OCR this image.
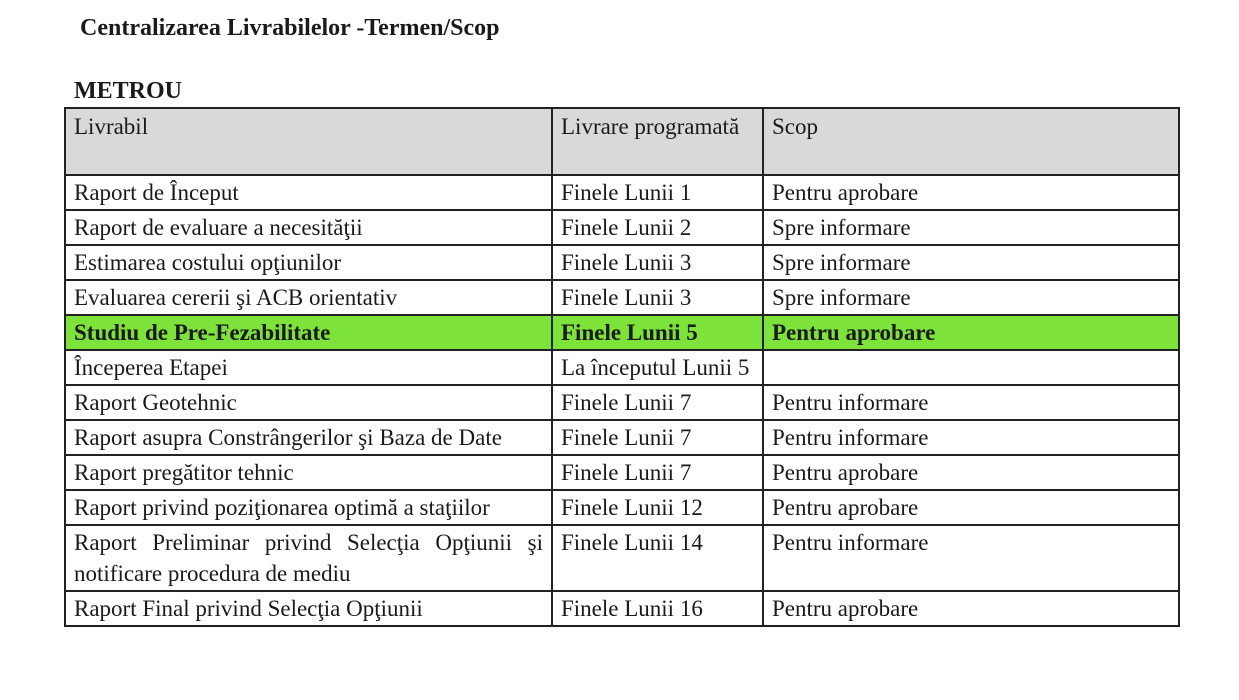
Centralizarea Livrabilelor -Termen/Scop
METROU
Livrabil	Livrare programată	Scop
Raport de Început	Finele Lunii 1	Pentru aprobare
Raport de evaluare a necesităţii	Finele Lunii 2	Spre informare
Estimarea costului opţiunilor	Finele Lunii 3	Spre informare
Evaluarea cererii şi ACB orientativ	Finele Lunii 3	Spre informare
Studiu de Pre-Fezabilitate	Finele Lunii 5	Pentru aprobare
Începerea Etapei	La începutul Lunii 5	
Raport Geotehnic	Finele Lunii 7	Pentru informare
Raport asupra Constrângerilor şi Baza de Date	Finele Lunii 7	Pentru informare
Raport pregătitor tehnic	Finele Lunii 7	Pentru aprobare
Raport privind poziţionarea optimă a staţiilor	Finele Lunii 12	Pentru aprobare
Raport Preliminar privind Selecţia Opţiunii şi notificare procedura de mediu	Finele Lunii 14	Pentru informare
Raport Final privind Selecţia Opţiunii	Finele Lunii 16	Pentru aprobare
